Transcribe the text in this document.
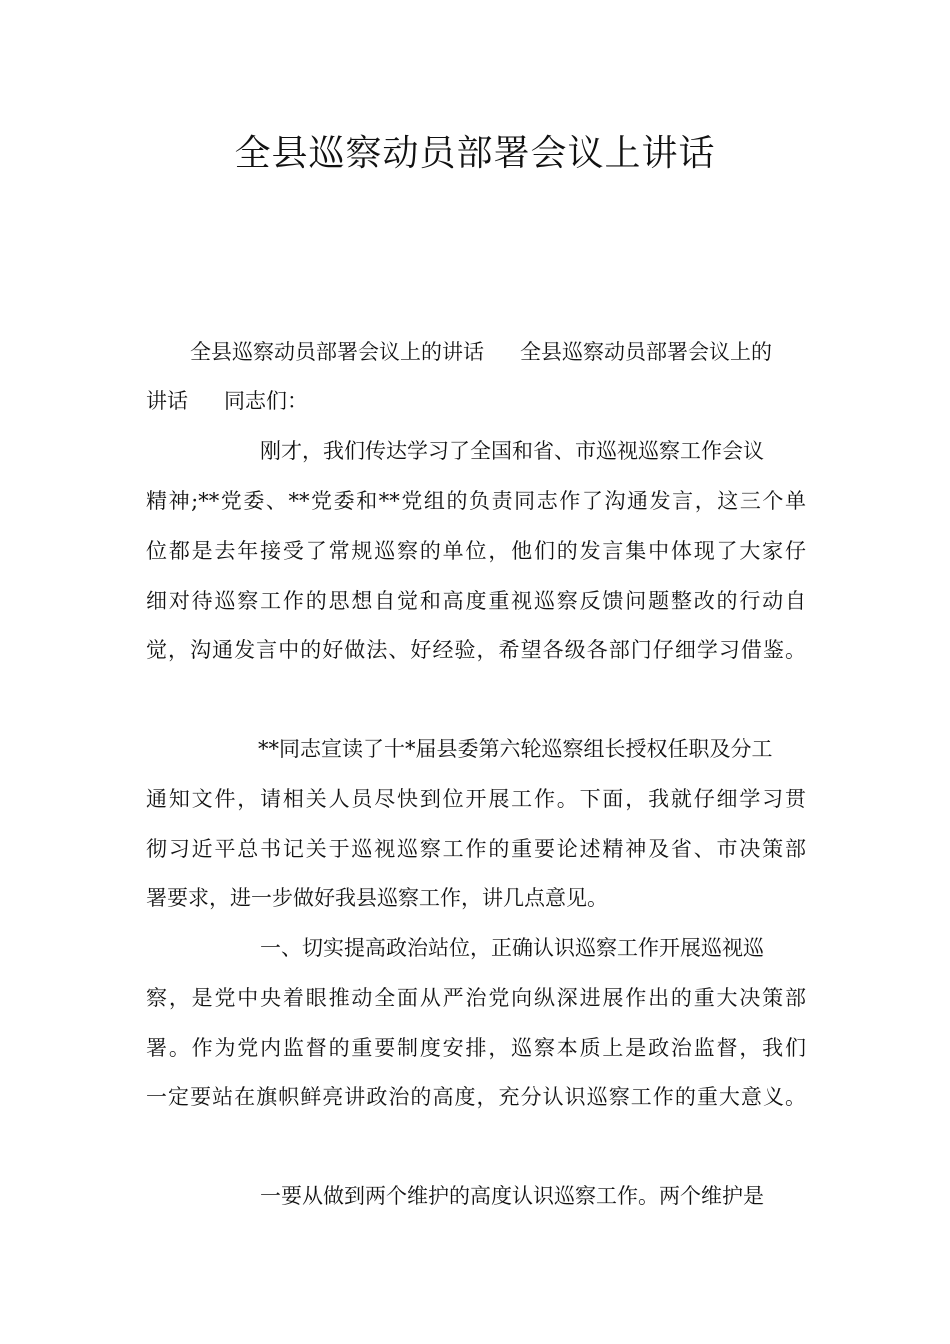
全县巡察动员部署会议上讲话
全县巡察动员部署会议上的讲话 全县巡察动员部署会议上的
讲话 同志们：
刚才，我们传达学习了全国和省、市巡视巡察工作会议
精神;**党委、**党委和**党组的负责同志作了沟通发言，这三个单
位都是去年接受了常规巡察的单位，他们的发言集中体现了大家仔
细对待巡察工作的思想自觉和高度重视巡察反馈问题整改的行动自
觉，沟通发言中的好做法、好经验，希望各级各部门仔细学习借鉴。
**同志宣读了十*届县委第六轮巡察组长授权任职及分工
通知文件，请相关人员尽快到位开展工作。下面，我就仔细学习贯
彻习近平总书记关于巡视巡察工作的重要论述精神及省、市决策部
署要求，进一步做好我县巡察工作，讲几点意见。
一、切实提高政治站位，正确认识巡察工作开展巡视巡
察，是党中央着眼推动全面从严治党向纵深进展作出的重大决策部
署。作为党内监督的重要制度安排，巡察本质上是政治监督，我们
一定要站在旗帜鲜亮讲政治的高度，充分认识巡察工作的重大意义。
一要从做到两个维护的高度认识巡察工作。两个维护是
